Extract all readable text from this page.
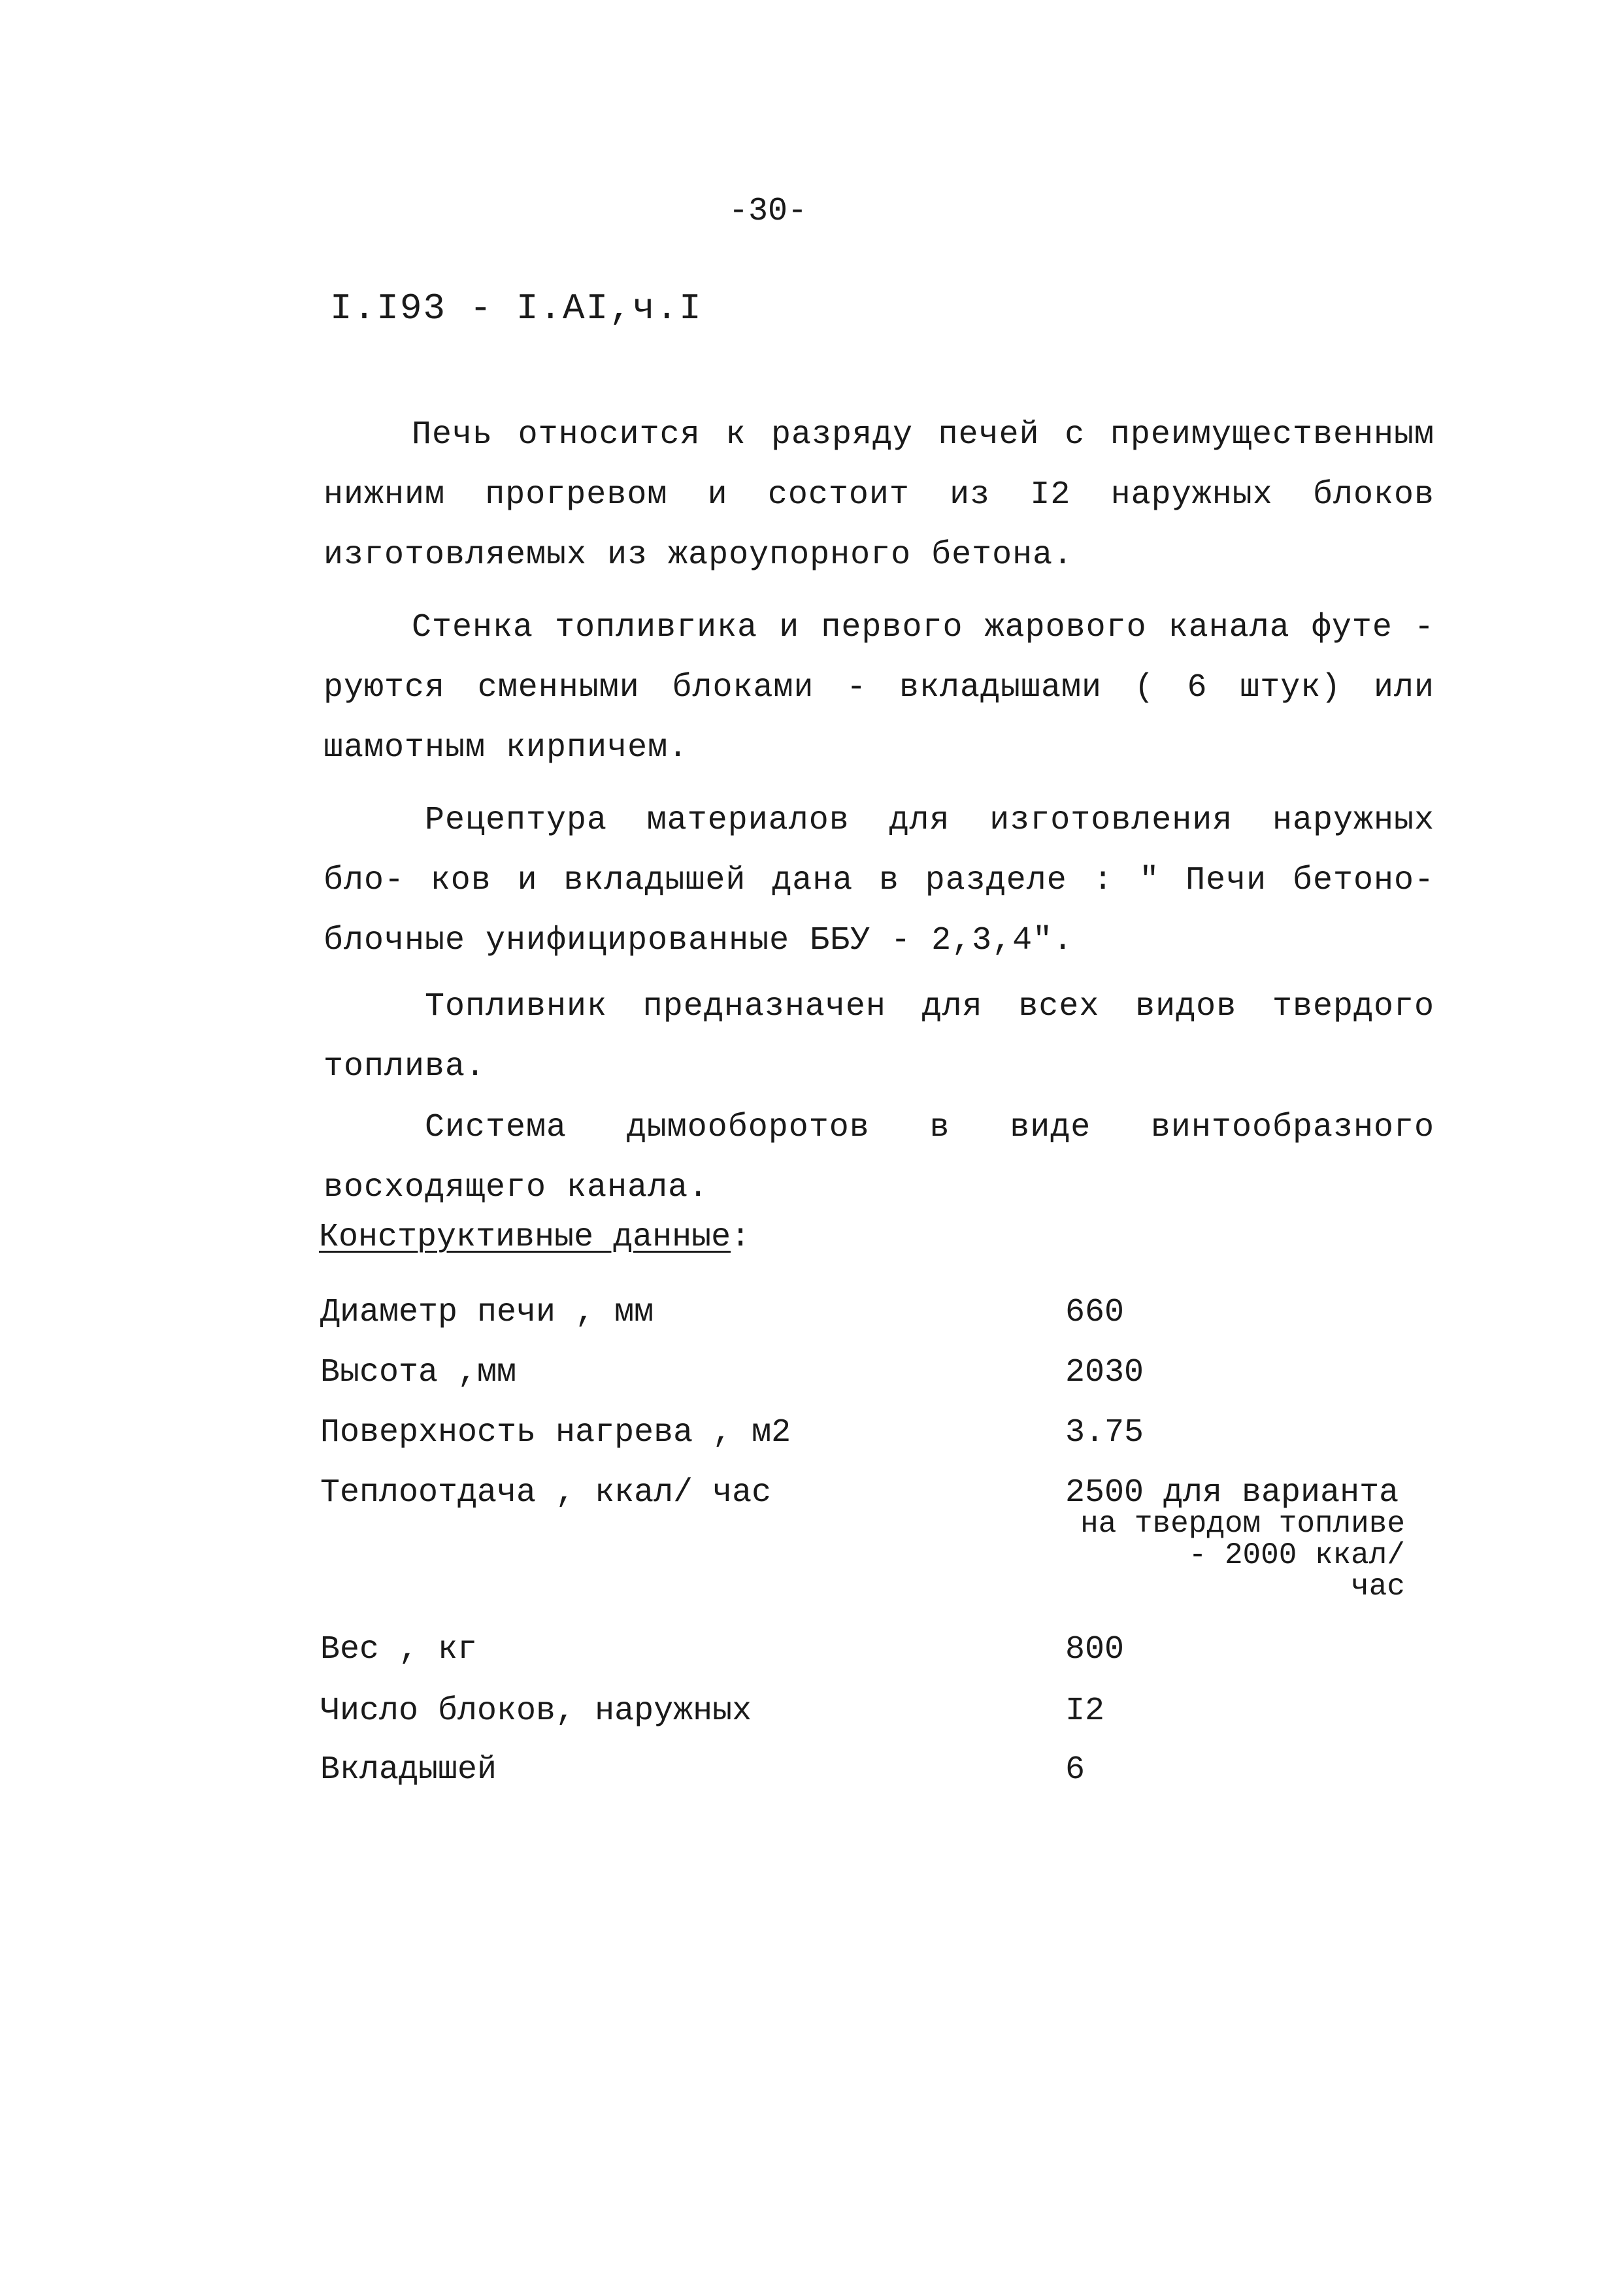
-30-
I.I93 - I.AI,ч.I
Печь относится к разряду печей с преимущественным нижним прогревом и состоит из I2 наружных блоков изготовляемых из жароупорного бетона.
Стенка топливгика и первого жарового канала футе - руются сменными блоками - вкладышами ( 6 штук) или шамотным кирпичем.
Рецептура материалов для изготовления наружных бло- ков и вкладышей дана в разделе : " Печи бетоно- блочные унифицированные ББУ - 2,3,4".
Топливник предназначен для всех видов твердого топлива.
Система дымооборотов в виде винтообразного восходящего канала.
Конструктивные данные:
Диаметр печи , мм	660
Высота ,мм	2030
Поверхность нагрева , м2	3.75
Теплоотдача , ккал/ час	2500 для варианта
на твердом топливе
- 2000 ккал/
час
Вес , кг	800
Число блоков, наружных	I2
Вкладышей	6
